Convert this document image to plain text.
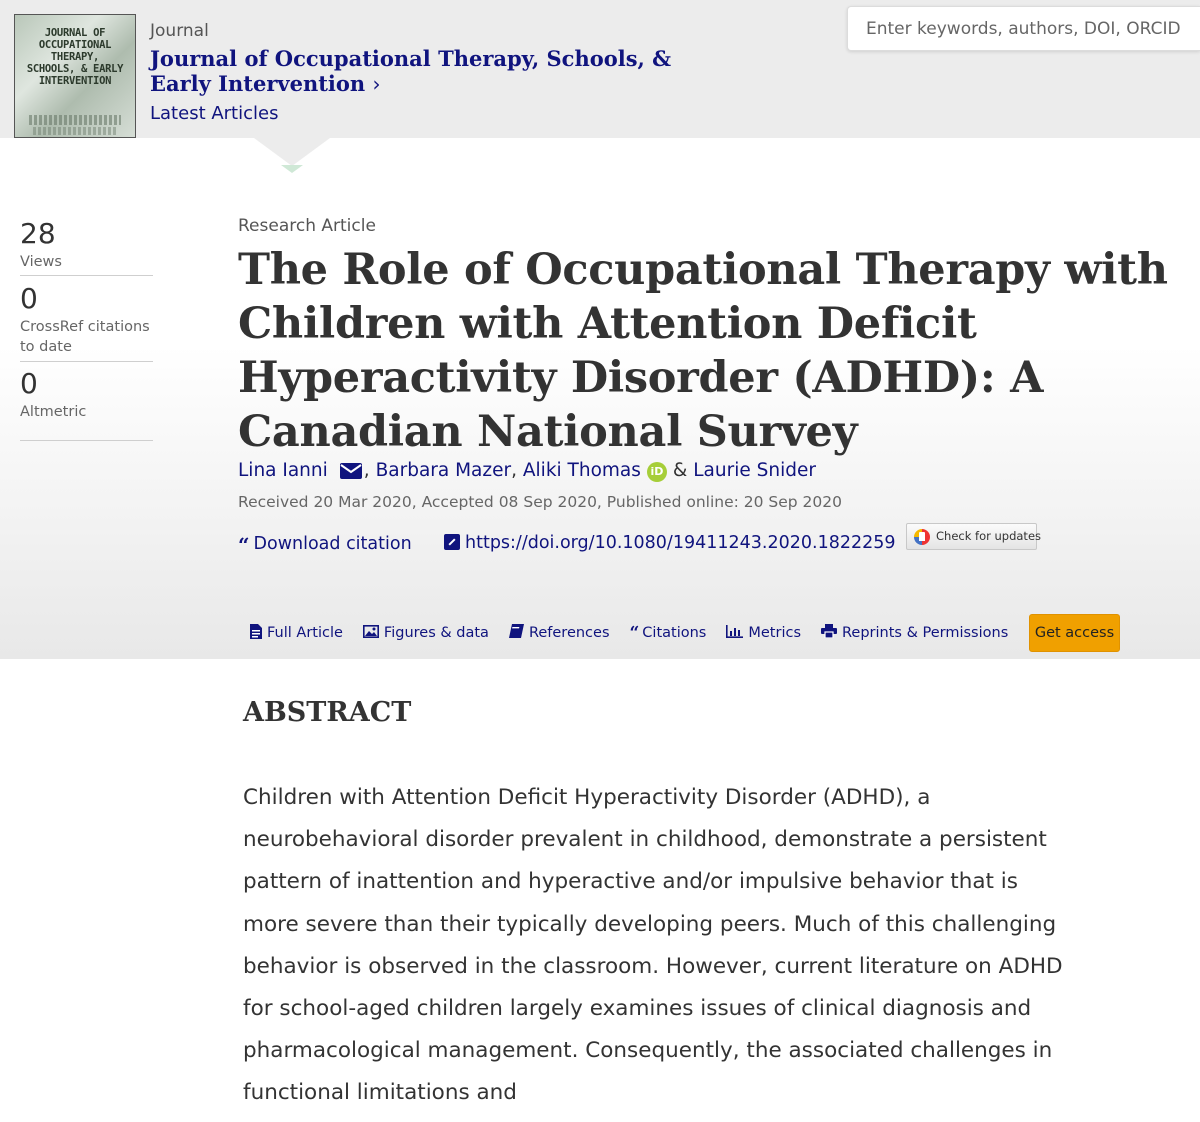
JOURNAL OF OCCUPATIONAL THERAPY, SCHOOLS, & EARLY INTERVENTION
Journal
Journal of Occupational Therapy, Schools, & Early Intervention ›
Latest Articles
Enter keywords, authors, DOI, ORCID
28
Views
0
CrossRef citations to date
0
Altmetric
Research Article
The Role of Occupational Therapy with Children with Attention Deficit Hyperactivity Disorder (ADHD): A Canadian National Survey
Lina Ianni , Barbara Mazer, Aliki Thomas iD & Laurie Snider
Received 20 Mar 2020, Accepted 08 Sep 2020, Published online: 20 Sep 2020
“ Download citation	https://doi.org/10.1080/19411243.2020.1822259	Check for updates
Full Article	Figures & data	References “ Citations	Metrics	Reprints & Permissions	Get access
ABSTRACT

Children with Attention Deficit Hyperactivity Disorder (ADHD), a neurobehavioral disorder prevalent in childhood, demonstrate a persistent pattern of inattention and hyperactive and/or impulsive behavior that is more severe than their typically developing peers. Much of this challenging behavior is observed in the classroom. However, current literature on ADHD for school-aged children largely examines issues of clinical diagnosis and pharmacological management. Consequently, the associated challenges in functional limitations and
